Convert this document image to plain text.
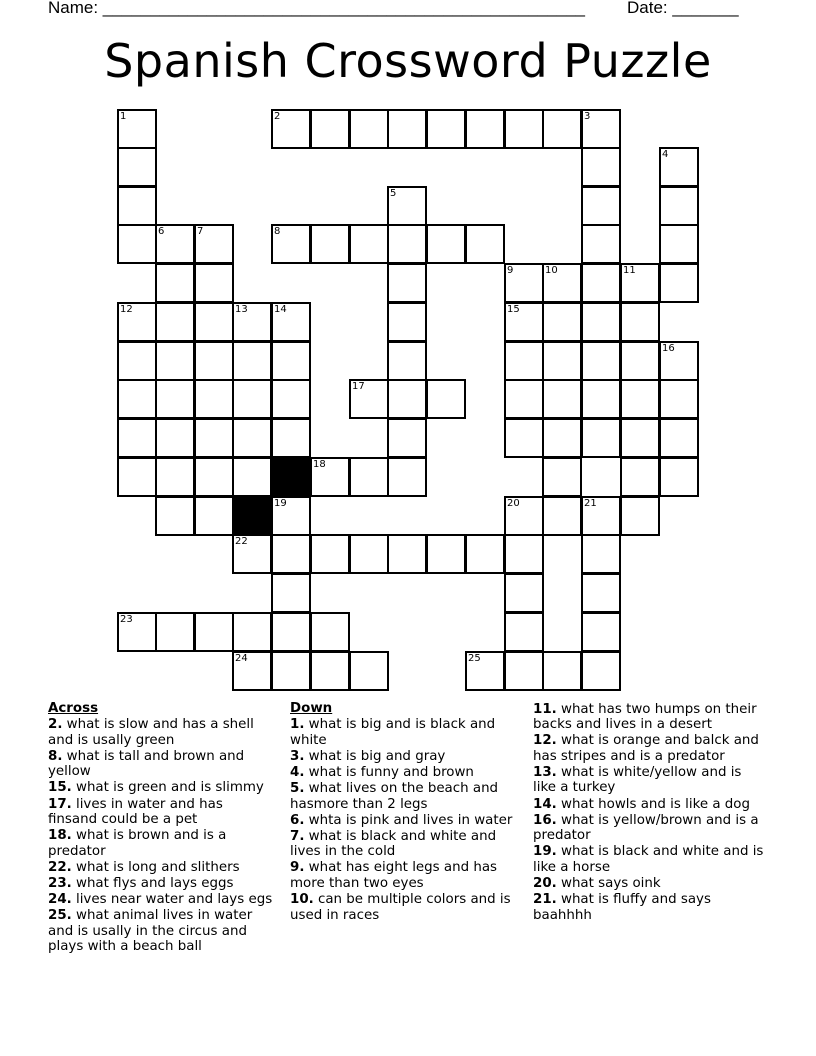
Name: ___________________________________________________ Date: _______
Spanish Crossword Puzzle
1	2	3
4
5
6	7	8
9	10	11
12	13	14	15
16
17
18
19	20	21
22
23
24	25
Across
2. what is slow and has a shell and is usally green
8. what is tall and brown and yellow
15. what is green and is slimmy
17. lives in water and has finsand could be a pet
18. what is brown and is a predator
22. what is long and slithers
23. what flys and lays eggs
24. lives near water and lays egs
25. what animal lives in water and is usally in the circus and plays with a beach ball
Down
1. what is big and is black and white
3. what is big and gray
4. what is funny and brown
5. what lives on the beach and hasmore than 2 legs
6. whta is pink and lives in water
7. what is black and white and lives in the cold
9. what has eight legs and has more than two eyes
10. can be multiple colors and is used in races
11. what has two humps on their backs and lives in a desert
12. what is orange and balck and has stripes and is a predator
13. what is white/yellow and is like a turkey
14. what howls and is like a dog
16. what is yellow/brown and is a predator
19. what is black and white and is like a horse
20. what says oink
21. what is fluffy and says baahhhh
